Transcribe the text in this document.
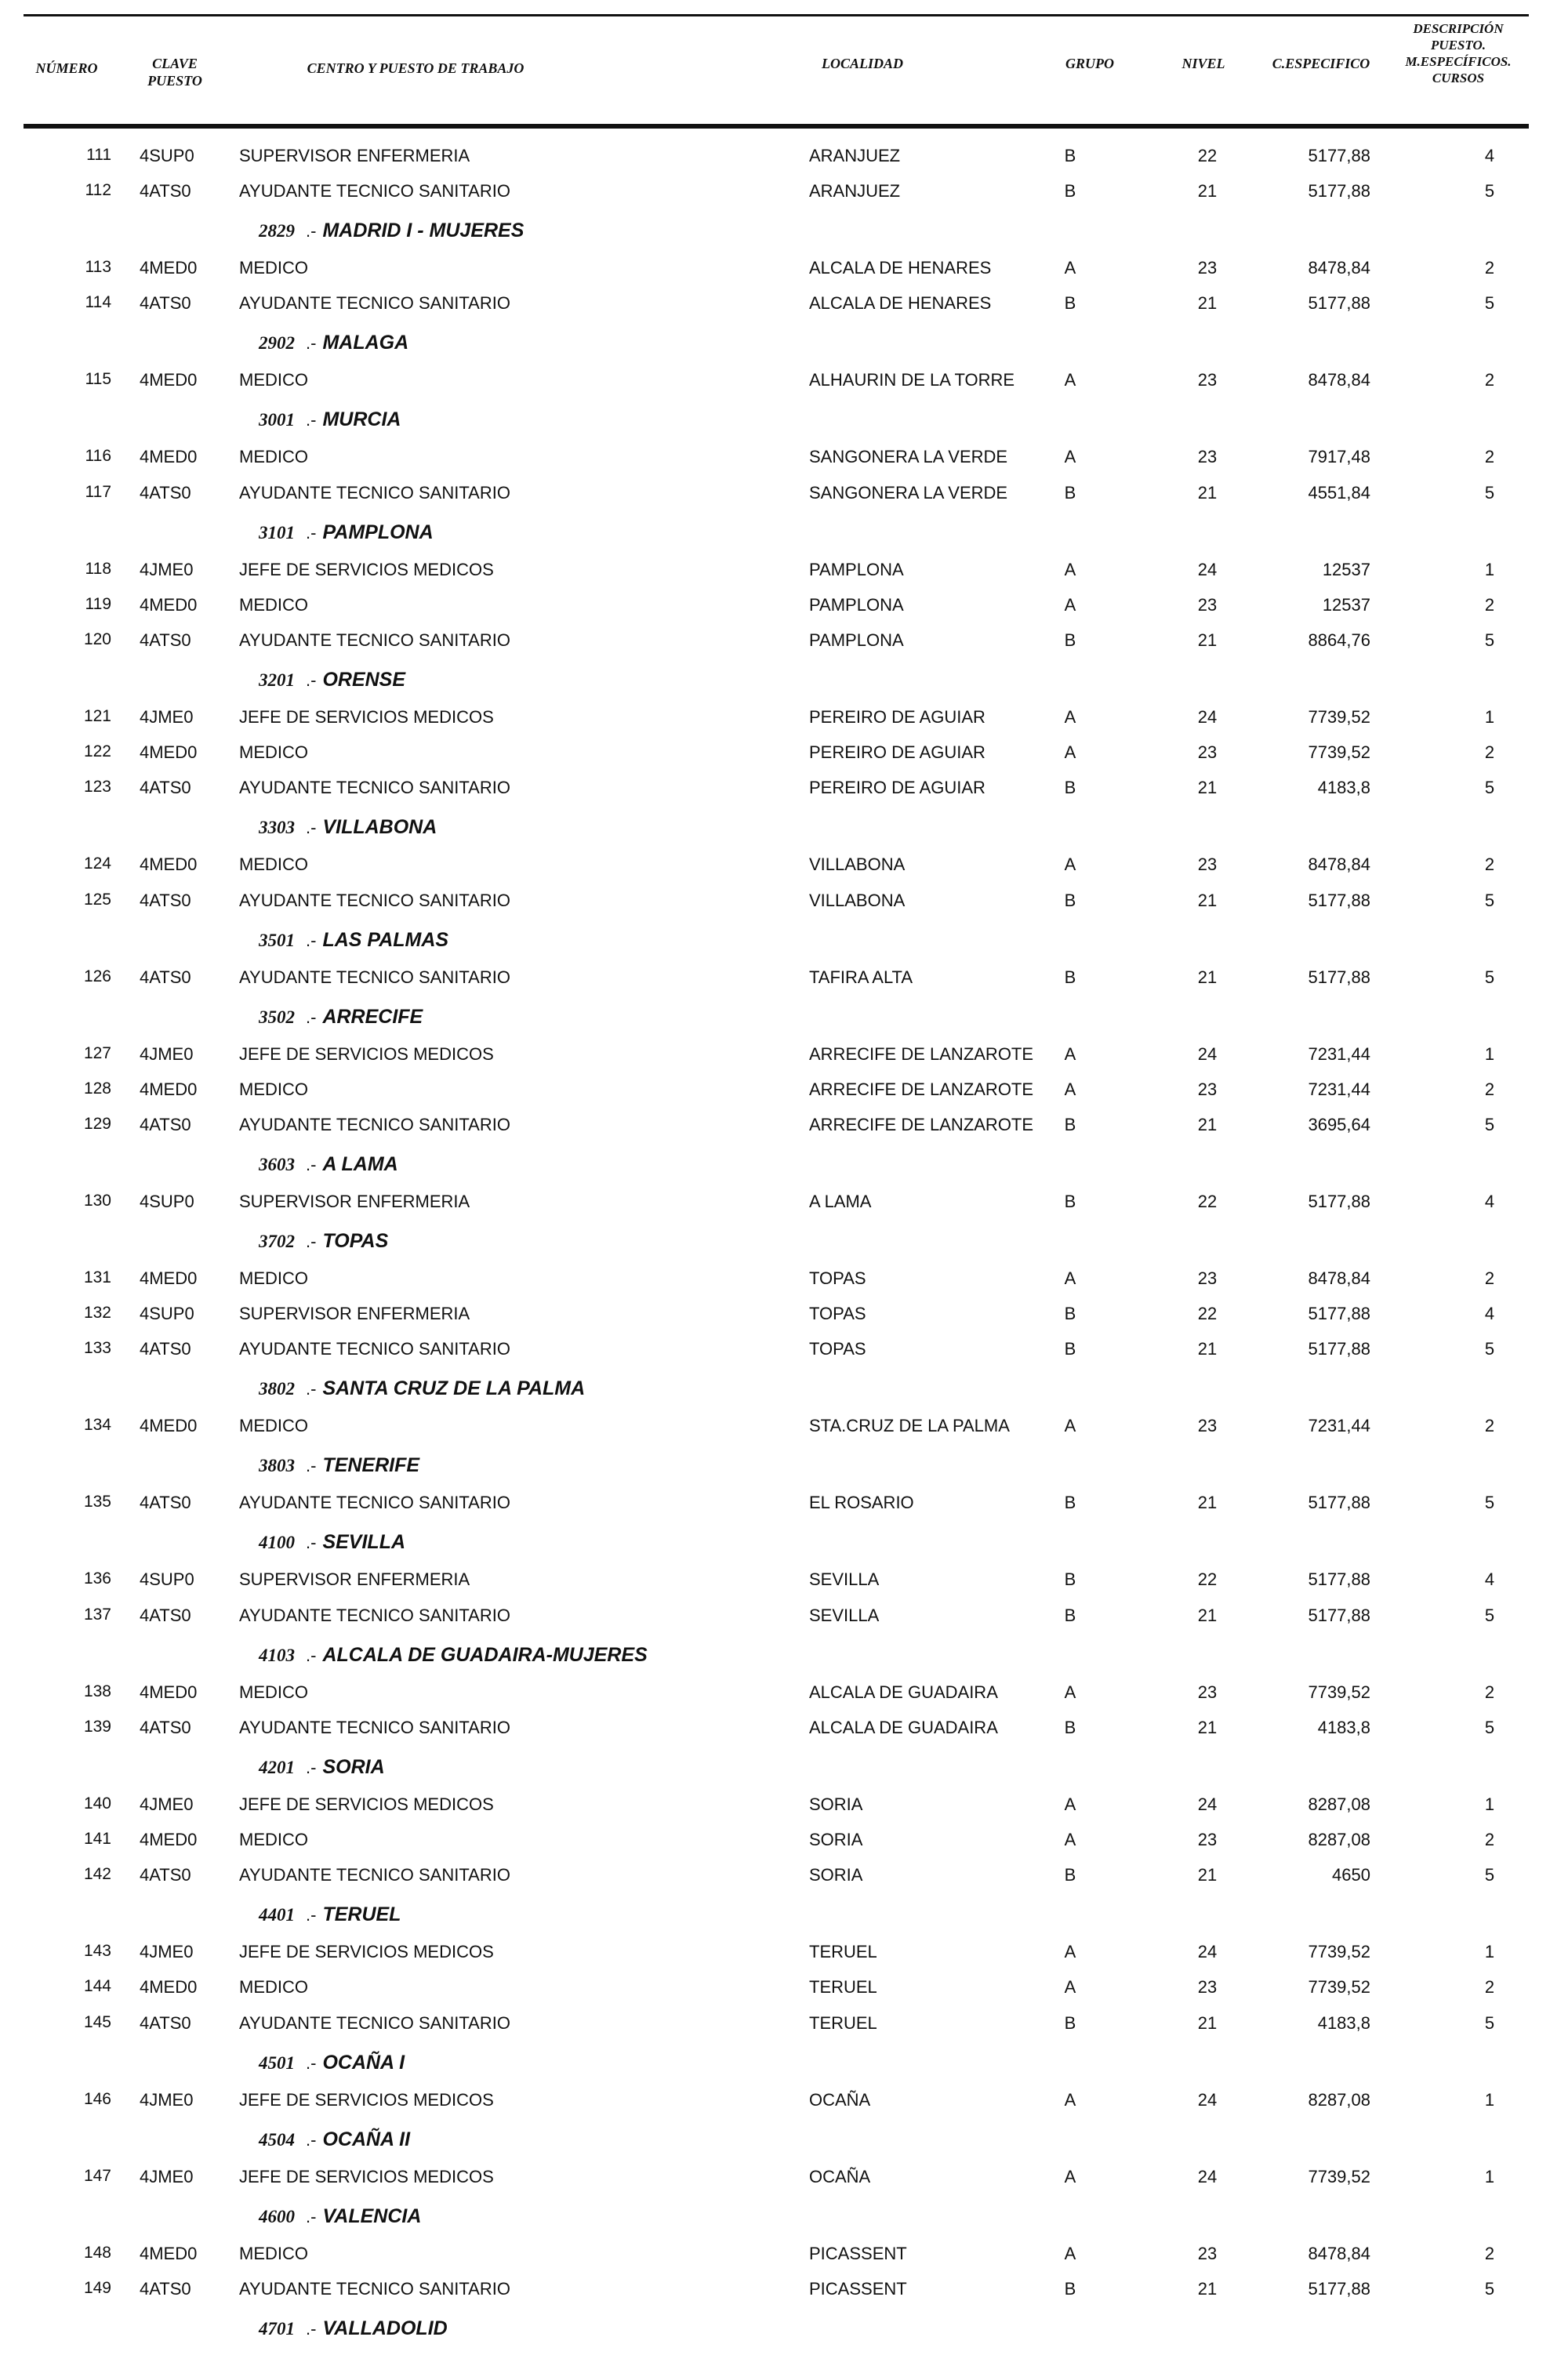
NÚMERO	CLAVE
PUESTO
CENTRO Y PUESTO DE TRABAJO	LOCALIDAD	GRUPO	NIVEL	C.ESPECIFICO
DESCRIPCIÓN
PUESTO.
M.ESPECÍFICOS.
CURSOS
111 4SUP0	SUPERVISOR ENFERMERIA	ARANJUEZ	B	22	5177,88	4
112 4ATS0	AYUDANTE TECNICO SANITARIO	ARANJUEZ	B	21	5177,88	5
2829 .- MADRID I - MUJERES
113 4MED0 MEDICO	ALCALA DE HENARES	A	23	8478,84	2
114 4ATS0	AYUDANTE TECNICO SANITARIO	ALCALA DE HENARES	B	21	5177,88	5
2902 .- MALAGA
115 4MED0 MEDICO	ALHAURIN DE LA TORRE	A	23	8478,84	2
3001 .- MURCIA
116 4MED0 MEDICO	SANGONERA LA VERDE	A	23	7917,48	2
117 4ATS0	AYUDANTE TECNICO SANITARIO	SANGONERA LA VERDE	B	21	4551,84	5
3101 .- PAMPLONA
118 4JME0	JEFE DE SERVICIOS MEDICOS	PAMPLONA	A	24	12537	1
119 4MED0 MEDICO	PAMPLONA	A	23	12537	2
120 4ATS0	AYUDANTE TECNICO SANITARIO	PAMPLONA	B	21	8864,76	5
3201 .- ORENSE
121 4JME0	JEFE DE SERVICIOS MEDICOS	PEREIRO DE AGUIAR	A	24	7739,52	1
122 4MED0 MEDICO	PEREIRO DE AGUIAR	A	23	7739,52	2
123 4ATS0	AYUDANTE TECNICO SANITARIO	PEREIRO DE AGUIAR	B	21	4183,8	5
3303 .- VILLABONA
124 4MED0 MEDICO	VILLABONA	A	23	8478,84	2
125 4ATS0	AYUDANTE TECNICO SANITARIO	VILLABONA	B	21	5177,88	5
3501 .- LAS PALMAS
126 4ATS0	AYUDANTE TECNICO SANITARIO	TAFIRA ALTA	B	21	5177,88	5
3502 .- ARRECIFE
127 4JME0	JEFE DE SERVICIOS MEDICOS	ARRECIFE DE LANZAROTE	A	24	7231,44	1
128 4MED0 MEDICO	ARRECIFE DE LANZAROTE	A	23	7231,44	2
129 4ATS0	AYUDANTE TECNICO SANITARIO	ARRECIFE DE LANZAROTE	B	21	3695,64	5
3603 .- A LAMA
130 4SUP0	SUPERVISOR ENFERMERIA	A LAMA	B	22	5177,88	4
3702 .- TOPAS
131 4MED0 MEDICO	TOPAS	A	23	8478,84	2
132 4SUP0	SUPERVISOR ENFERMERIA	TOPAS	B	22	5177,88	4
133 4ATS0	AYUDANTE TECNICO SANITARIO	TOPAS	B	21	5177,88	5
3802 .- SANTA CRUZ DE LA PALMA
134 4MED0 MEDICO	STA.CRUZ DE LA PALMA	A	23	7231,44	2
3803 .- TENERIFE
135 4ATS0	AYUDANTE TECNICO SANITARIO	EL ROSARIO	B	21	5177,88	5
4100 .- SEVILLA
136 4SUP0	SUPERVISOR ENFERMERIA	SEVILLA	B	22	5177,88	4
137 4ATS0	AYUDANTE TECNICO SANITARIO	SEVILLA	B	21	5177,88	5
4103 .- ALCALA DE GUADAIRA-MUJERES
138 4MED0 MEDICO	ALCALA DE GUADAIRA	A	23	7739,52	2
139 4ATS0	AYUDANTE TECNICO SANITARIO	ALCALA DE GUADAIRA	B	21	4183,8	5
4201 .- SORIA
140 4JME0	JEFE DE SERVICIOS MEDICOS	SORIA	A	24	8287,08	1
141 4MED0 MEDICO	SORIA	A	23	8287,08	2
142 4ATS0	AYUDANTE TECNICO SANITARIO	SORIA	B	21	4650	5
4401 .- TERUEL
143 4JME0	JEFE DE SERVICIOS MEDICOS	TERUEL	A	24	7739,52	1
144 4MED0 MEDICO	TERUEL	A	23	7739,52	2
145 4ATS0	AYUDANTE TECNICO SANITARIO	TERUEL	B	21	4183,8	5
4501 .- OCAÑA I
146 4JME0	JEFE DE SERVICIOS MEDICOS	OCAÑA	A	24	8287,08	1
4504 .- OCAÑA II
147 4JME0	JEFE DE SERVICIOS MEDICOS	OCAÑA	A	24	7739,52	1
4600 .- VALENCIA
148 4MED0 MEDICO	PICASSENT	A	23	8478,84	2
149 4ATS0	AYUDANTE TECNICO SANITARIO	PICASSENT	B	21	5177,88	5
4701 .- VALLADOLID
